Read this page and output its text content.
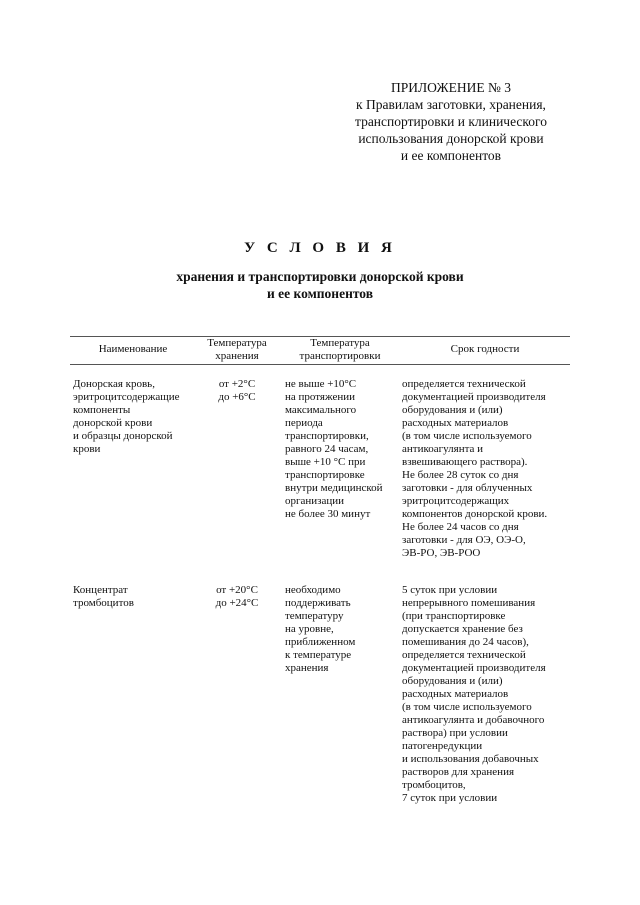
ПРИЛОЖЕНИЕ № 3
к Правилам заготовки, хранения,
транспортировки и клинического
использования донорской крови
и ее компонентов
У С Л О В И Я
хранения и транспортировки донорской крови
и ее компонентов
Наименование	Температура
хранения
Температура
транспортировки
Срок годности
Донорская кровь,
эритроцитсодержащие
компоненты
донорской крови
и образцы донорской
крови
от +2°C
до +6°C
не выше +10°C
на протяжении
максимального
периода
транспортировки,
равного 24 часам,
выше +10 °С при
транспортировке
внутри медицинской
организации
не более 30 минут
определяется технической
документацией производителя
оборудования и (или)
расходных материалов
(в том числе используемого
антикоагулянта и
взвешивающего раствора).
Не более 28 суток со дня
заготовки - для облученных
эритроцитсодержащих
компонентов донорской крови.
Не более 24 часов со дня
заготовки - для ОЭ, ОЭ-О,
ЭВ-РО, ЭВ-РОО
Концентрат
тромбоцитов
от +20°C
до +24°C
необходимо
поддерживать
температуру
на уровне,
приближенном
к температуре
хранения
5 суток при условии
непрерывного помешивания
(при транспортировке
допускается хранение без
помешивания до 24 часов),
определяется технической
документацией производителя
оборудования и (или)
расходных материалов
(в том числе используемого
антикоагулянта и добавочного
раствора) при условии
патогенредукции
и использования добавочных
растворов для хранения
тромбоцитов,
7 суток при условии
